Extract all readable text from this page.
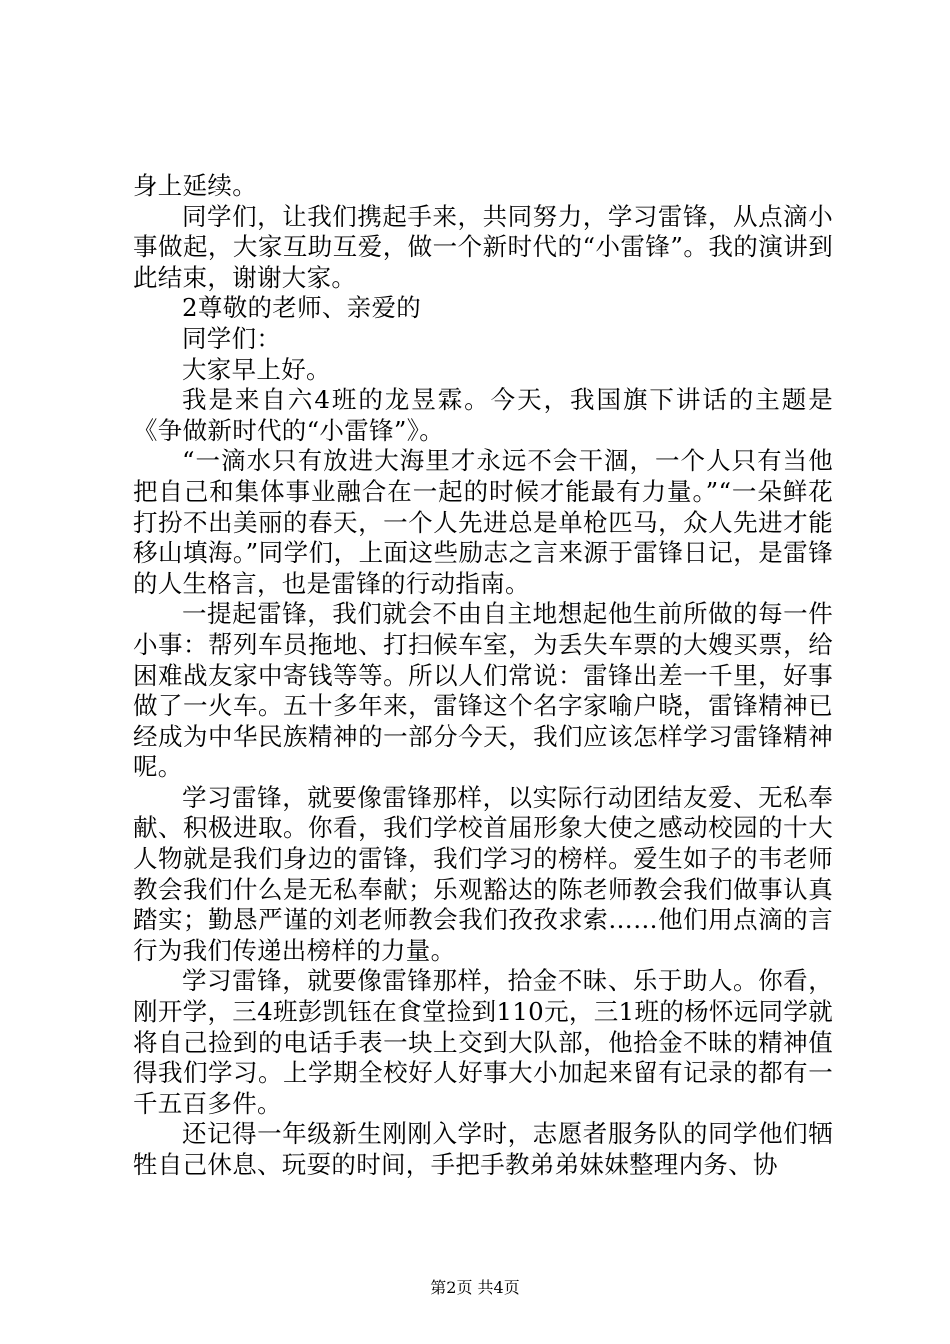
身上延续。

同学们，让我们携起手来，共同努力，学习雷锋，从点滴小事做起，大家互助互爱，做一个新时代的“小雷锋”。我的演讲到此结束，谢谢大家。

2尊敬的老师、亲爱的

同学们：

大家早上好。

我是来自六4班的龙昱霖。今天，我国旗下讲话的主题是《争做新时代的“小雷锋”》。

“一滴水只有放进大海里才永远不会干涸，一个人只有当他把自己和集体事业融合在一起的时候才能最有力量。”“一朵鲜花打扮不出美丽的春天，一个人先进总是单枪匹马，众人先进才能移山填海。”同学们，上面这些励志之言来源于雷锋日记，是雷锋的人生格言，也是雷锋的行动指南。

一提起雷锋，我们就会不由自主地想起他生前所做的每一件小事：帮列车员拖地、打扫候车室，为丢失车票的大嫂买票，给困难战友家中寄钱等等。所以人们常说：雷锋出差一千里，好事做了一火车。五十多年来，雷锋这个名字家喻户晓，雷锋精神已经成为中华民族精神的一部分今天，我们应该怎样学习雷锋精神呢。

学习雷锋，就要像雷锋那样，以实际行动团结友爱、无私奉献、积极进取。你看，我们学校首届形象大使之感动校园的十大人物就是我们身边的雷锋，我们学习的榜样。爱生如子的韦老师教会我们什么是无私奉献；乐观豁达的陈老师教会我们做事认真踏实；勤恳严谨的刘老师教会我们孜孜求索……他们用点滴的言行为我们传递出榜样的力量。

学习雷锋，就要像雷锋那样，拾金不昧、乐于助人。你看，刚开学，三4班彭凯钰在食堂捡到110元，三1班的杨怀远同学就将自己捡到的电话手表一块上交到大队部，他拾金不昧的精神值得我们学习。上学期全校好人好事大小加起来留有记录的都有一千五百多件。

还记得一年级新生刚刚入学时，志愿者服务队的同学他们牺牲自己休息、玩耍的时间，手把手教弟弟妹妹整理内务、协

第2页 共4页
